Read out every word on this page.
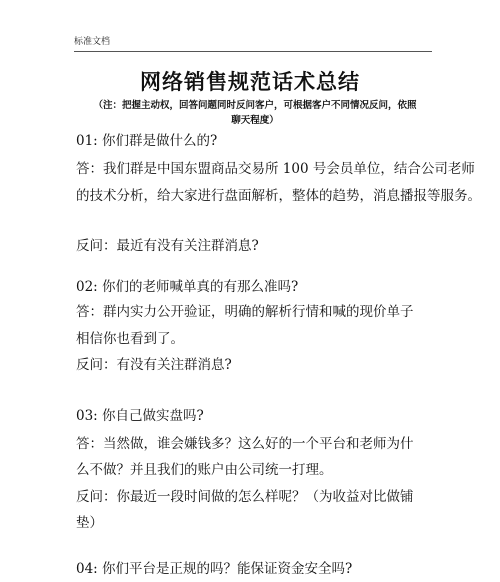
标准文档
网络销售规范话术总结
（注：把握主动权，回答问题同时反问客户，可根据客户不同情况反问，依照
聊天程度）
01: 你们群是做什么的?
答：我们群是中国东盟商品交易所 100 号会员单位，结合公司老师
的技术分析，给大家进行盘面解析，整体的趋势，消息播报等服务。
反问：最近有没有关注群消息?
02: 你们的老师喊单真的有那么准吗?
答：群内实力公开验证，明确的解析行情和喊的现价单子
相信你也看到了。
反问：有没有关注群消息?
03: 你自己做实盘吗?
答：当然做，谁会嫌钱多？这么好的一个平台和老师为什
么不做？并且我们的账户由公司统一打理。
反问：你最近一段时间做的怎么样呢？（为收益对比做铺
垫）
04: 你们平台是正规的吗？能保证资金安全吗?
